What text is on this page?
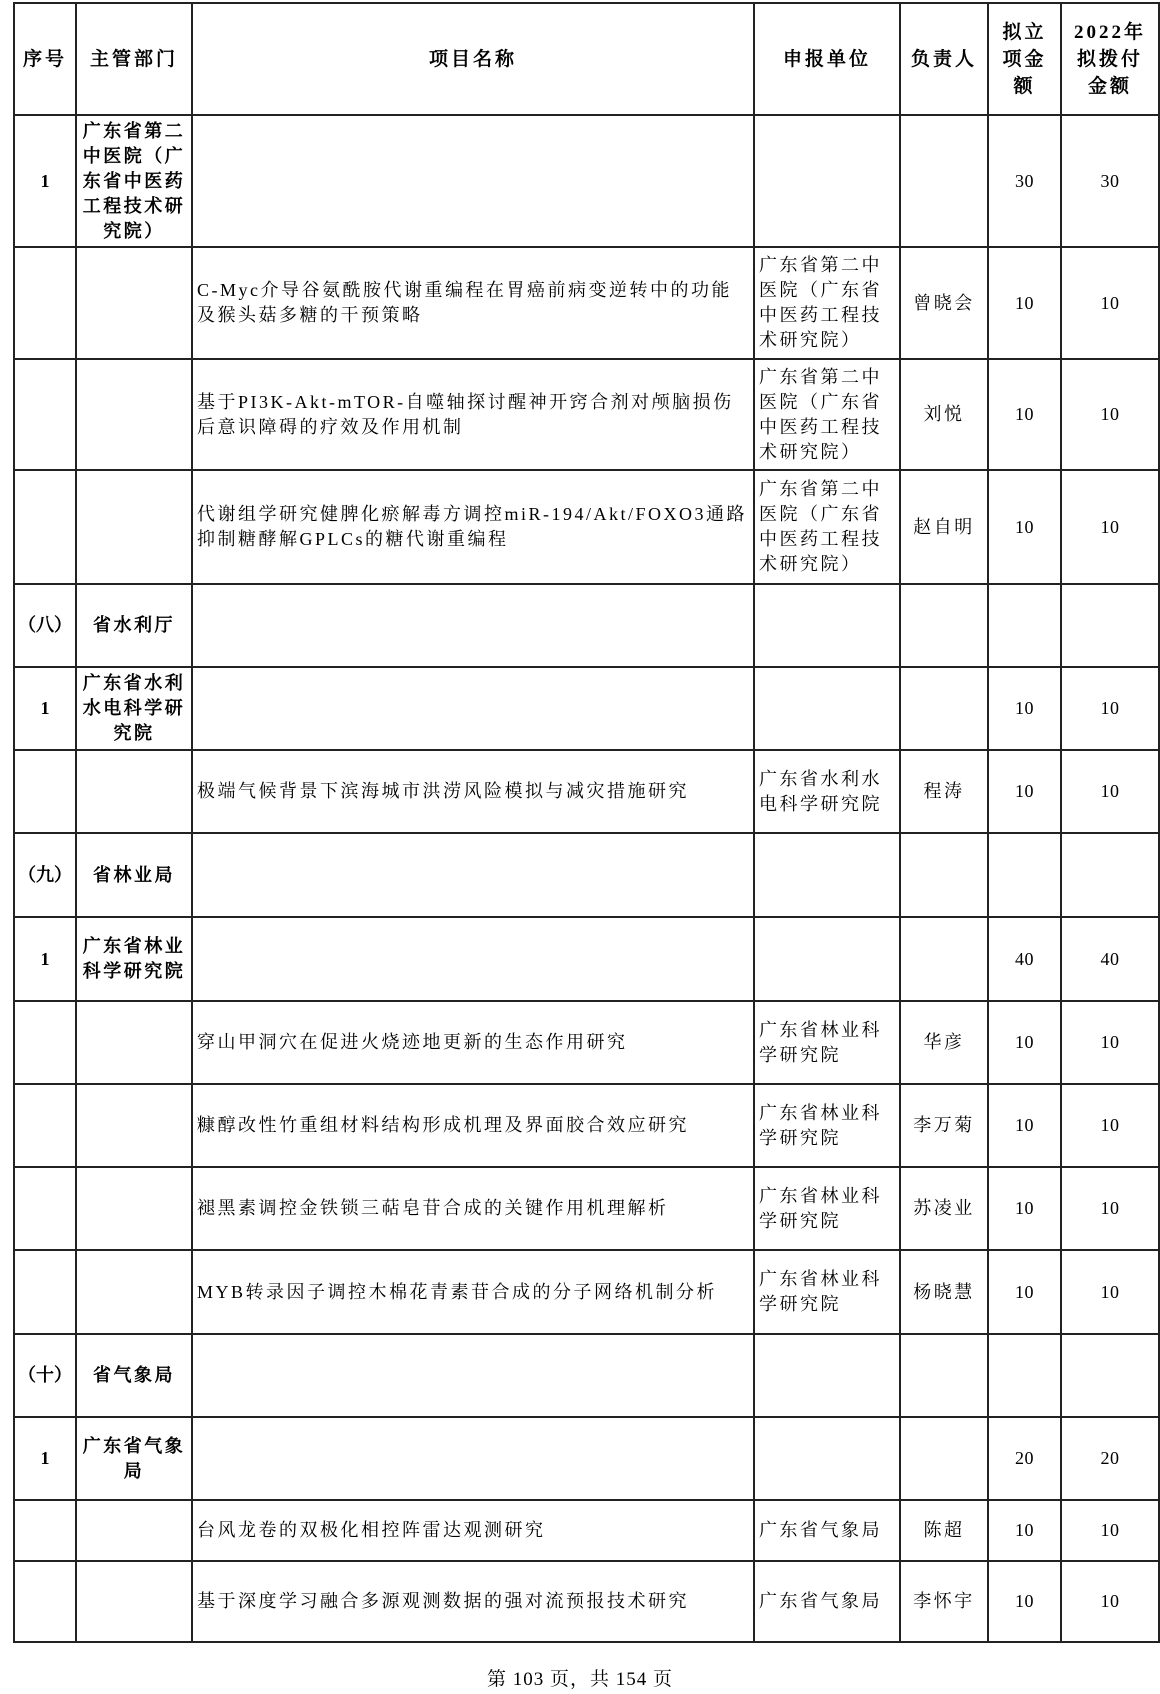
序号	主管部门	项目名称	申报单位	负责人	拟立项金额	2022年拟拨付金额
1	广东省第二中医院（广东省中医药工程技术研究院）				30	30
		C-Myc介导谷氨酰胺代谢重编程在胃癌前病变逆转中的功能及猴头菇多糖的干预策略	广东省第二中医院（广东省中医药工程技术研究院）	曾晓会	10	10
		基于PI3K-Akt-mTOR-自噬轴探讨醒神开窍合剂对颅脑损伤后意识障碍的疗效及作用机制	广东省第二中医院（广东省中医药工程技术研究院）	刘悦	10	10
		代谢组学研究健脾化瘀解毒方调控miR-194/Akt/FOXO3通路抑制糖酵解GPLCs的糖代谢重编程	广东省第二中医院（广东省中医药工程技术研究院）	赵自明	10	10
（八）	省水利厅					
1	广东省水利水电科学研究院				10	10
		极端气候背景下滨海城市洪涝风险模拟与减灾措施研究	广东省水利水电科学研究院	程涛	10	10
（九）	省林业局					
1	广东省林业科学研究院				40	40
		穿山甲洞穴在促进火烧迹地更新的生态作用研究	广东省林业科学研究院	华彦	10	10
		糠醇改性竹重组材料结构形成机理及界面胶合效应研究	广东省林业科学研究院	李万菊	10	10
		褪黑素调控金铁锁三萜皂苷合成的关键作用机理解析	广东省林业科学研究院	苏凌业	10	10
		MYB转录因子调控木棉花青素苷合成的分子网络机制分析	广东省林业科学研究院	杨晓慧	10	10
（十）	省气象局					
1	广东省气象局				20	20
		台风龙卷的双极化相控阵雷达观测研究	广东省气象局	陈超	10	10
		基于深度学习融合多源观测数据的强对流预报技术研究	广东省气象局	李怀宇	10	10
第 103 页，共 154 页
